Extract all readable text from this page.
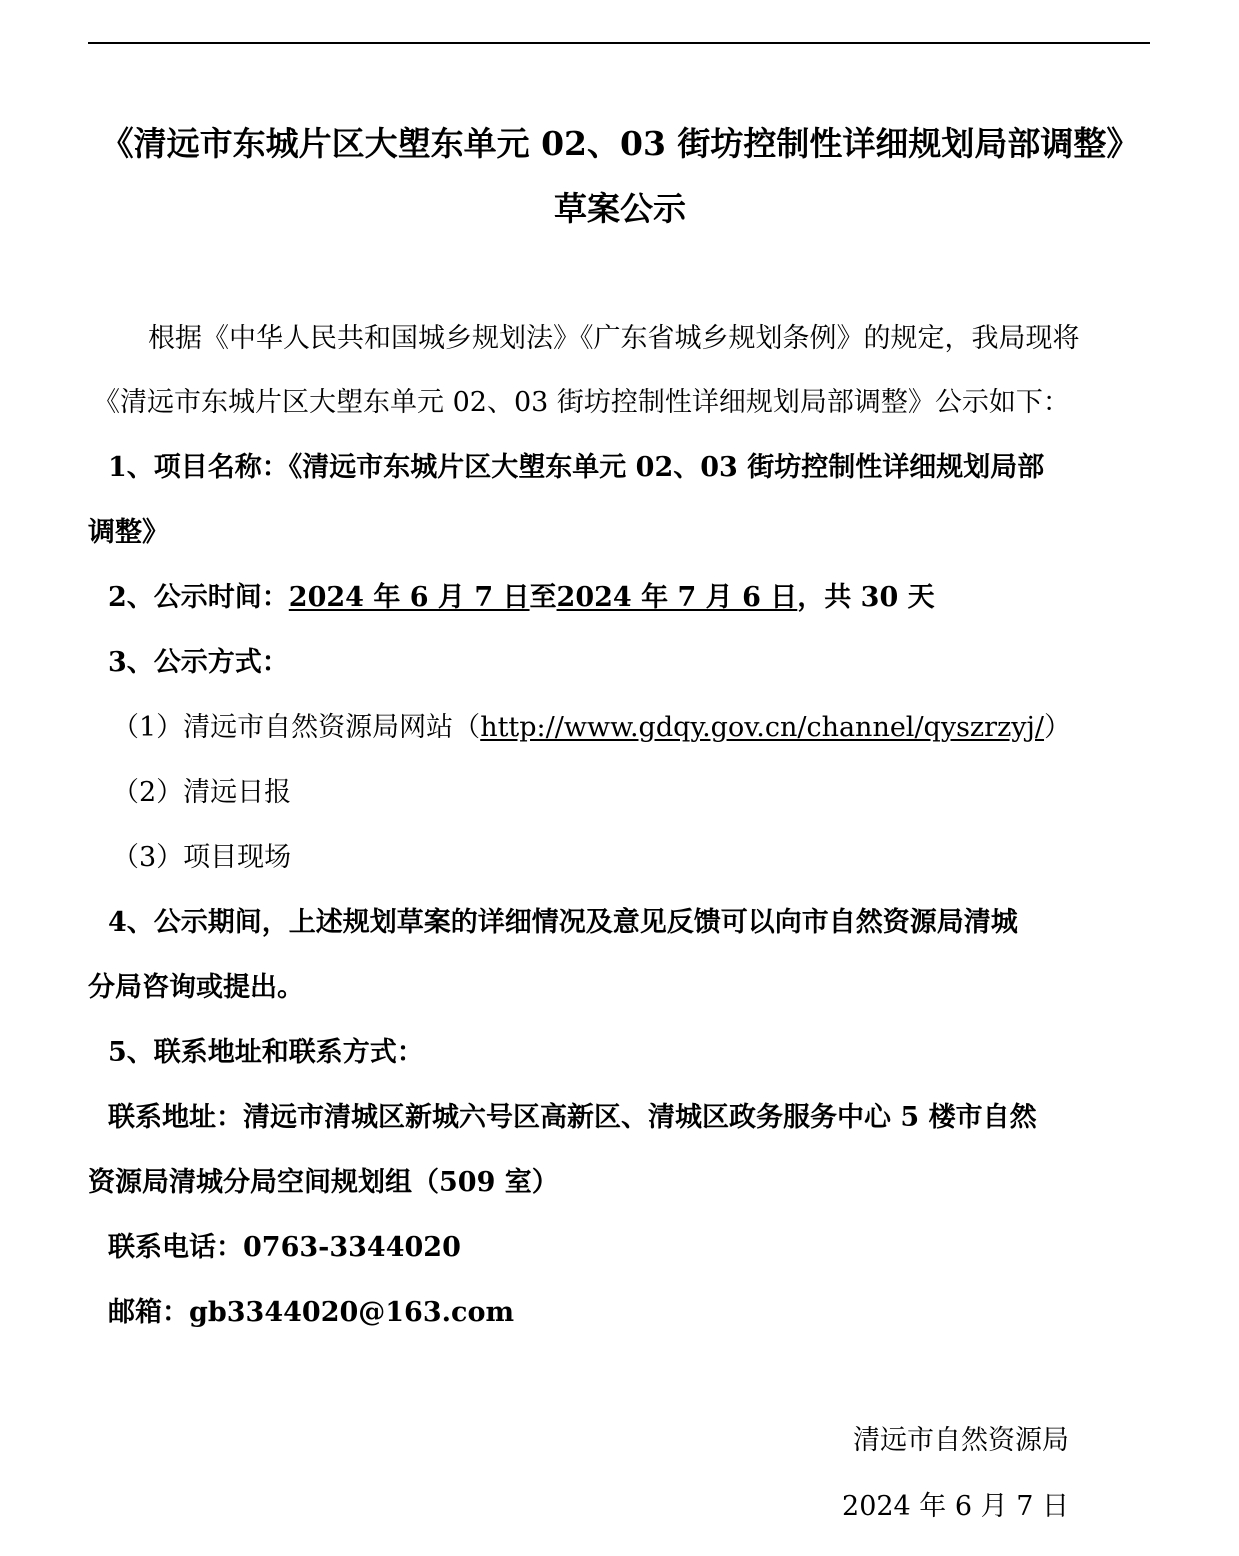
《清远市东城片区大塱东单元 02、03 街坊控制性详细规划局部调整》
草案公示
根据《中华人民共和国城乡规划法》《广东省城乡规划条例》的规定，我局现将
《清远市东城片区大塱东单元 02、03 街坊控制性详细规划局部调整》公示如下：
1、项目名称：《清远市东城片区大塱东单元 02、03 街坊控制性详细规划局部
调整》
2、公示时间：2024 年 6 月 7 日至2024 年 7 月 6 日，共 30 天
3、公示方式：
（1）清远市自然资源局网站（http://www.gdqy.gov.cn/channel/qyszrzyj/）
（2）清远日报
（3）项目现场
4、公示期间，上述规划草案的详细情况及意见反馈可以向市自然资源局清城
分局咨询或提出。
5、联系地址和联系方式：
联系地址：清远市清城区新城六号区高新区、清城区政务服务中心 5 楼市自然
资源局清城分局空间规划组（509 室）
联系电话：0763-3344020
邮箱：gb3344020@163.com
清远市自然资源局
2024 年 6 月 7 日
